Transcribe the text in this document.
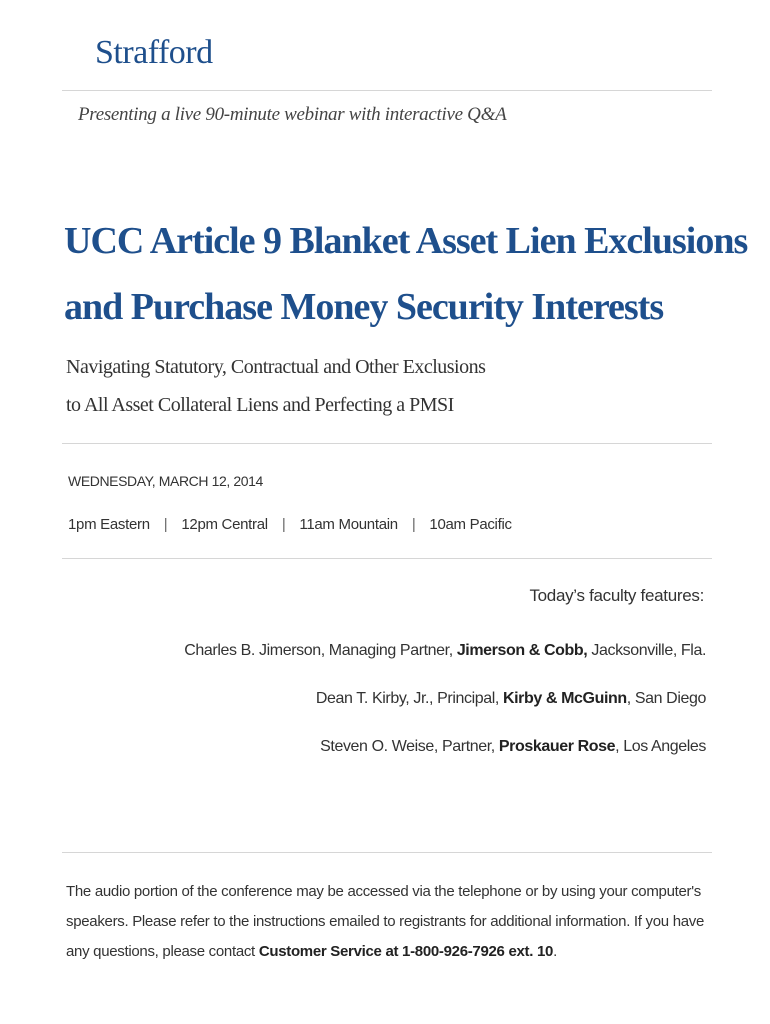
Strafford
Presenting a live 90-minute webinar with interactive Q&A
UCC Article 9 Blanket Asset Lien Exclusions
and Purchase Money Security Interests
Navigating Statutory, Contractual and Other Exclusions
to All Asset Collateral Liens and Perfecting a PMSI
WEDNESDAY, MARCH 12, 2014
1pm Eastern | 12pm Central | 11am Mountain | 10am Pacific
Today’s faculty features:
Charles B. Jimerson, Managing Partner, Jimerson & Cobb, Jacksonville, Fla.
Dean T. Kirby, Jr., Principal, Kirby & McGuinn, San Diego
Steven O. Weise, Partner, Proskauer Rose, Los Angeles
The audio portion of the conference may be accessed via the telephone or by using your computer's speakers. Please refer to the instructions emailed to registrants for additional information. If you have any questions, please contact Customer Service at 1-800-926-7926 ext. 10.
